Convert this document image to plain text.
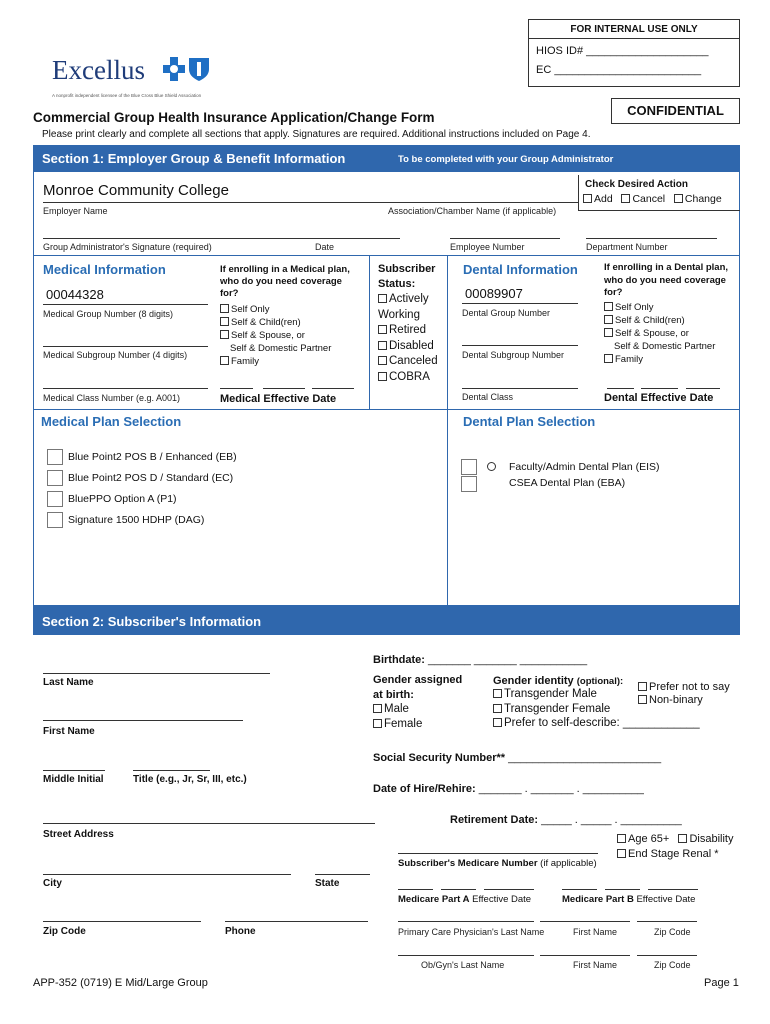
FOR INTERNAL USE ONLY
HIOS ID# ____________________
EC ________________________
Excellus
A nonprofit independent licensee of the Blue Cross Blue Shield Association
CONFIDENTIAL
Commercial Group Health Insurance Application/Change Form
Please print clearly and complete all sections that apply. Signatures are required. Additional instructions included on Page 4.
Section 1: Employer Group & Benefit Information	To be completed with your Group Administrator
Monroe Community College
Employer Name	Association/Chamber Name (if applicable)
Check Desired Action
Add Cancel Change
Group Administrator's Signature (required)	Date	Employee Number	Department Number
Medical Information
00044328
Medical Group Number (8 digits)
Medical Subgroup Number (4 digits)
Medical Class Number (e.g. A001)
If enrolling in a Medical plan, who do you need coverage for?
Self Only
Self & Child(ren)
Self & Spouse, or
Self & Domestic Partner
Family
Medical Effective Date
Subscriber Status:
Actively Working
Retired
Disabled
Canceled
COBRA
Dental Information
00089907
Dental Group Number
Dental Subgroup Number
Dental Class
If enrolling in a Dental plan, who do you need coverage for?
Self Only
Self & Child(ren)
Self & Spouse, or
Self & Domestic Partner
Family
Dental Effective Date
Medical Plan Selection
Blue Point2 POS B / Enhanced (EB)
Blue Point2 POS D / Standard (EC)
BluePPO Option A (P1)
Signature 1500 HDHP (DAG)
Dental Plan Selection
Faculty/Admin Dental Plan (EIS)
CSEA Dental Plan (EBA)
Section 2: Subscriber's Information
Last Name
First Name
Middle Initial	Title (e.g., Jr, Sr, III, etc.)
Street Address
City	State
Zip Code	Phone
Birthdate: _______ _______ ___________
Gender assigned at birth:
Male
Female
Gender identity (optional):
Transgender Male
Transgender Female
Prefer to self-describe: ____________
Prefer not to say
Non-binary
Social Security Number** _________________________
Date of Hire/Rehire: _______ . _______ . __________
Retirement Date: _____ . _____ . __________
Age 65+ Disability
End Stage Renal *
Subscriber's Medicare Number (if applicable)
Medicare Part A Effective Date	Medicare Part B Effective Date
Primary Care Physician's Last Name	First Name	Zip Code
Ob/Gyn's Last Name	First Name	Zip Code
APP-352 (0719) E Mid/Large Group	Page 1
